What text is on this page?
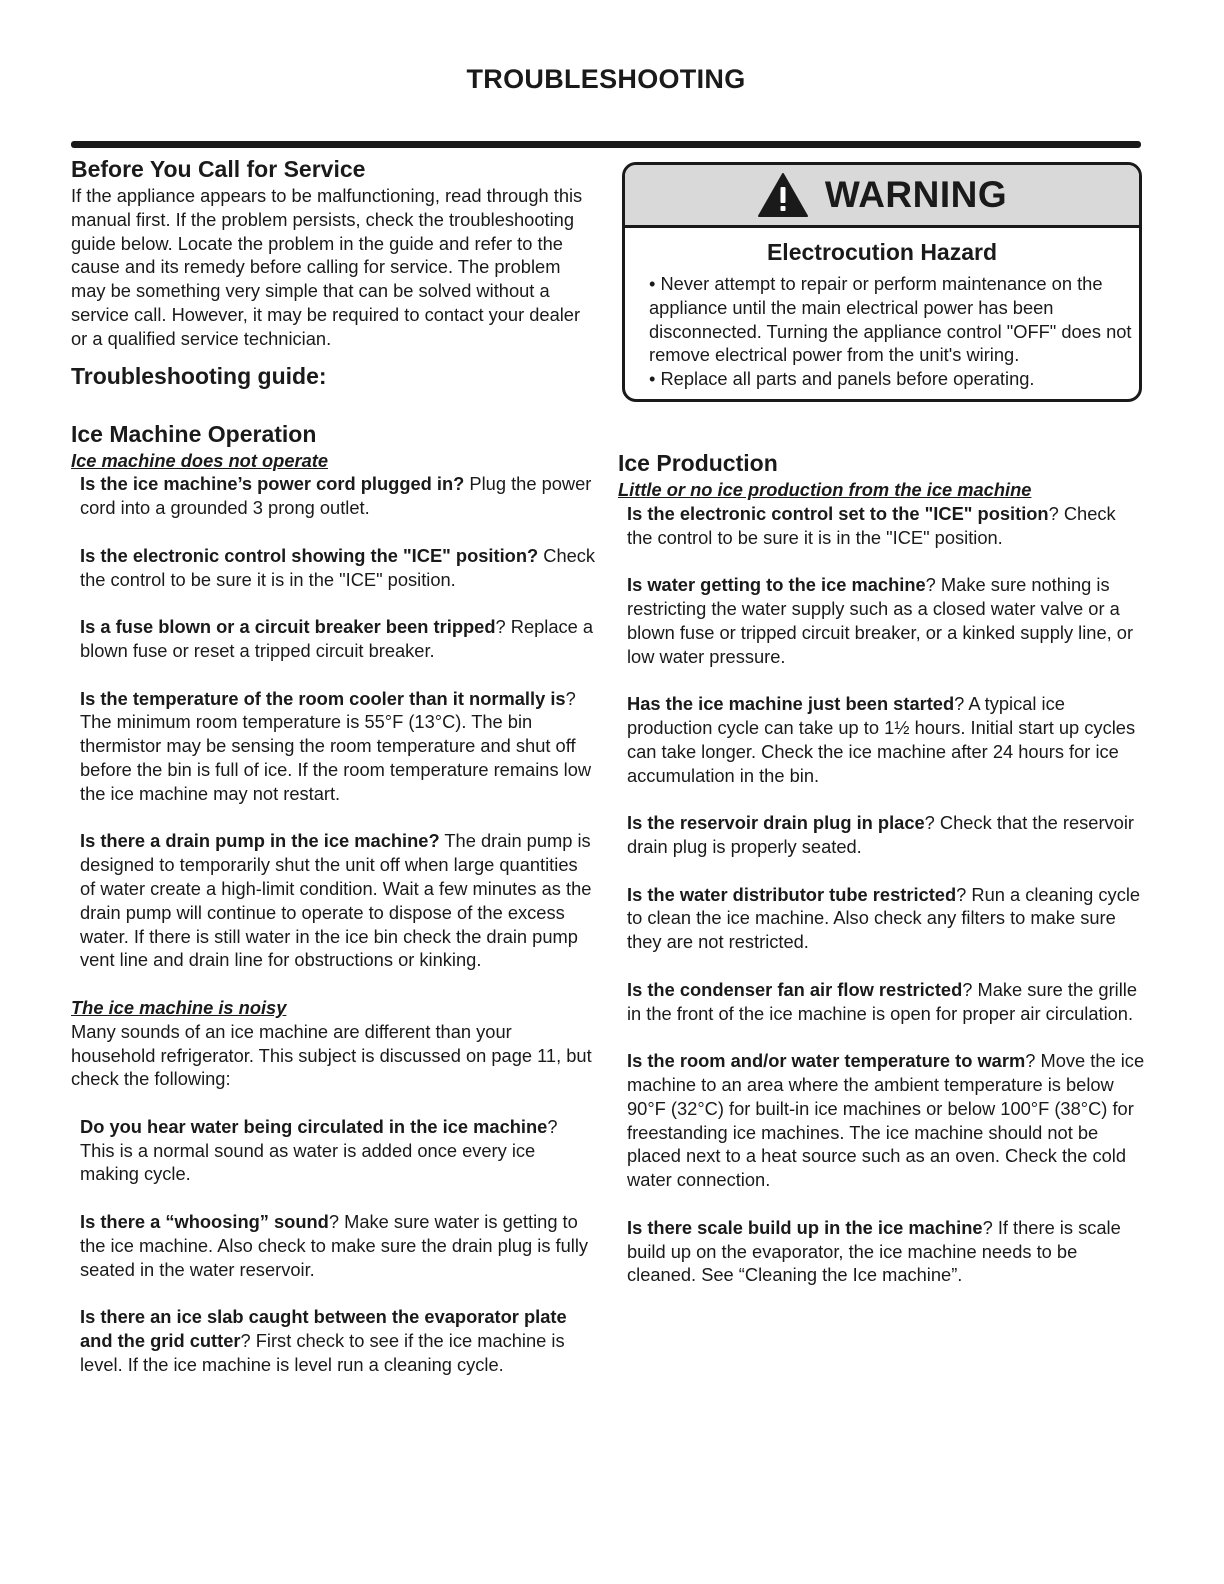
TROUBLESHOOTING
Before You Call for Service

If the appliance appears to be malfunctioning, read through this manual first. If the problem persists, check the troubleshooting guide below. Locate the problem in the guide and refer to the cause and its remedy before calling for service. The problem may be something very simple that can be solved without a service call. However, it may be required to contact your dealer or a qualified service technician.

Troubleshooting guide:
Ice Machine Operation

Ice machine does not operate

Is the ice machine’s power cord plugged in? Plug the power cord into a grounded 3 prong outlet.

Is the electronic control showing the "ICE" position? Check the control to be sure it is in the "ICE" position.

Is a fuse blown or a circuit breaker been tripped? Replace a blown fuse or reset a tripped circuit breaker.

Is the temperature of the room cooler than it normally is? The minimum room temperature is 55°F (13°C). The bin thermistor may be sensing the room temperature and shut off before the bin is full of ice. If the room temperature remains low the ice machine may not restart.

Is there a drain pump in the ice machine? The drain pump is designed to temporarily shut the unit off when large quantities of water create a high-limit condition. Wait a few minutes as the drain pump will continue to operate to dispose of the excess water. If there is still water in the ice bin check the drain pump vent line and drain line for obstructions or kinking.

The ice machine is noisy

Many sounds of an ice machine are different than your household refrigerator. This subject is discussed on page 11, but check the following:

Do you hear water being circulated in the ice machine? This is a normal sound as water is added once every ice making cycle.

Is there a “whoosing” sound? Make sure water is getting to the ice machine. Also check to make sure the drain plug is fully seated in the water reservoir.

Is there an ice slab caught between the evaporator plate and the grid cutter? First check to see if the ice machine is level. If the ice machine is level run a cleaning cycle.

WARNING
Electrocution Hazard
• Never attempt to repair or perform maintenance on the appliance until the main electrical power has been disconnected. Turning the appliance control "OFF" does not remove electrical power from the unit's wiring.
• Replace all parts and panels before operating.
Ice Production

Little or no ice production from the ice machine

Is the electronic control set to the "ICE" position? Check the control to be sure it is in the "ICE" position.

Is water getting to the ice machine? Make sure nothing is restricting the water supply such as a closed water valve or a blown fuse or tripped circuit breaker, or a kinked supply line, or low water pressure.

Has the ice machine just been started? A typical ice production cycle can take up to 1½ hours. Initial start up cycles can take longer. Check the ice machine after 24 hours for ice accumulation in the bin.

Is the reservoir drain plug in place? Check that the reservoir drain plug is properly seated.

Is the water distributor tube restricted? Run a cleaning cycle to clean the ice machine. Also check any filters to make sure they are not restricted.

Is the condenser fan air flow restricted? Make sure the grille in the front of the ice machine is open for proper air circulation.

Is the room and/or water temperature to warm? Move the ice machine to an area where the ambient temperature is below 90°F (32°C) for built-in ice machines or below 100°F (38°C) for freestanding ice machines. The ice machine should not be placed next to a heat source such as an oven. Check the cold water connection.

Is there scale build up in the ice machine? If there is scale build up on the evaporator, the ice machine needs to be cleaned. See “Cleaning the Ice machine”.
